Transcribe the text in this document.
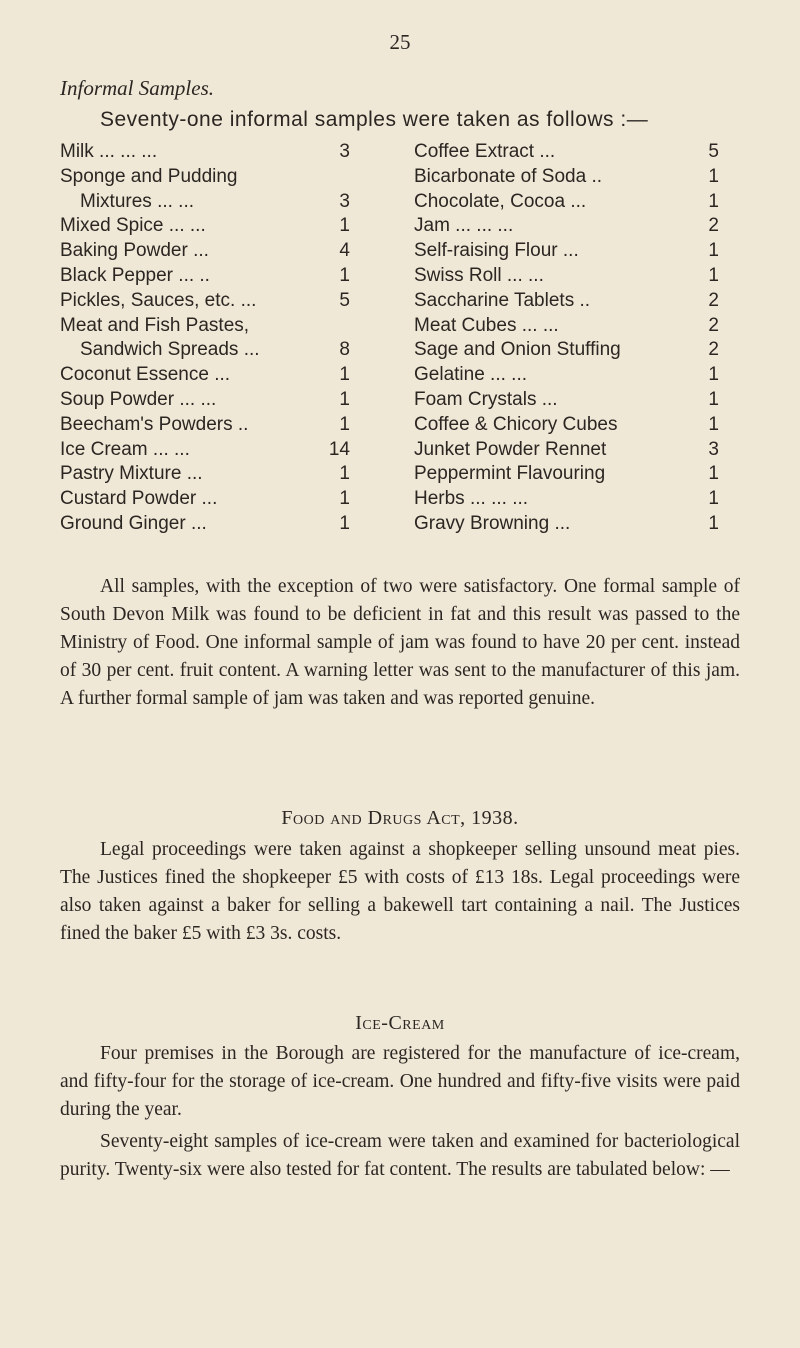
25
Informal Samples.
Seventy-one informal samples were taken as follows :—
Milk ... ... ...	3
Sponge and Pudding
Mixtures ... ...	3
Mixed Spice ... ...	1
Baking Powder ...	4
Black Pepper ... ..	1
Pickles, Sauces, etc. ...	5
Meat and Fish Pastes,
Sandwich Spreads ...	8
Coconut Essence ...	1
Soup Powder ... ...	1
Beecham's Powders ..	1
Ice Cream ... ...	14
Pastry Mixture ...	1
Custard Powder ...	1
Ground Ginger ...	1
Coffee Extract ...	5
Bicarbonate of Soda ..	1
Chocolate, Cocoa ...	1
Jam ... ... ...	2
Self-raising Flour ...	1
Swiss Roll ... ...	1
Saccharine Tablets ..	2
Meat Cubes ... ...	2
Sage and Onion Stuffing	2
Gelatine ... ...	1
Foam Crystals ...	1
Coffee & Chicory Cubes	1
Junket Powder Rennet	3
Peppermint Flavouring	1
Herbs ... ... ...	1
Gravy Browning ...	1
All samples, with the exception of two were satisfactory. One formal sample of South Devon Milk was found to be deficient in fat and this result was passed to the Ministry of Food. One informal sample of jam was found to have 20 per cent. instead of 30 per cent. fruit content. A warning letter was sent to the manufacturer of this jam. A further formal sample of jam was taken and was reported genuine.
Food and Drugs Act, 1938.
Legal proceedings were taken against a shopkeeper selling unsound meat pies. The Justices fined the shopkeeper £5 with costs of £13 18s. Legal proceedings were also taken against a baker for selling a bakewell tart containing a nail. The Justices fined the baker £5 with £3 3s. costs.
Ice-Cream
Four premises in the Borough are registered for the manufacture of ice-cream, and fifty-four for the storage of ice-cream. One hundred and fifty-five visits were paid during the year.
Seventy-eight samples of ice-cream were taken and examined for bacteriological purity. Twenty-six were also tested for fat content. The results are tabulated below: —
